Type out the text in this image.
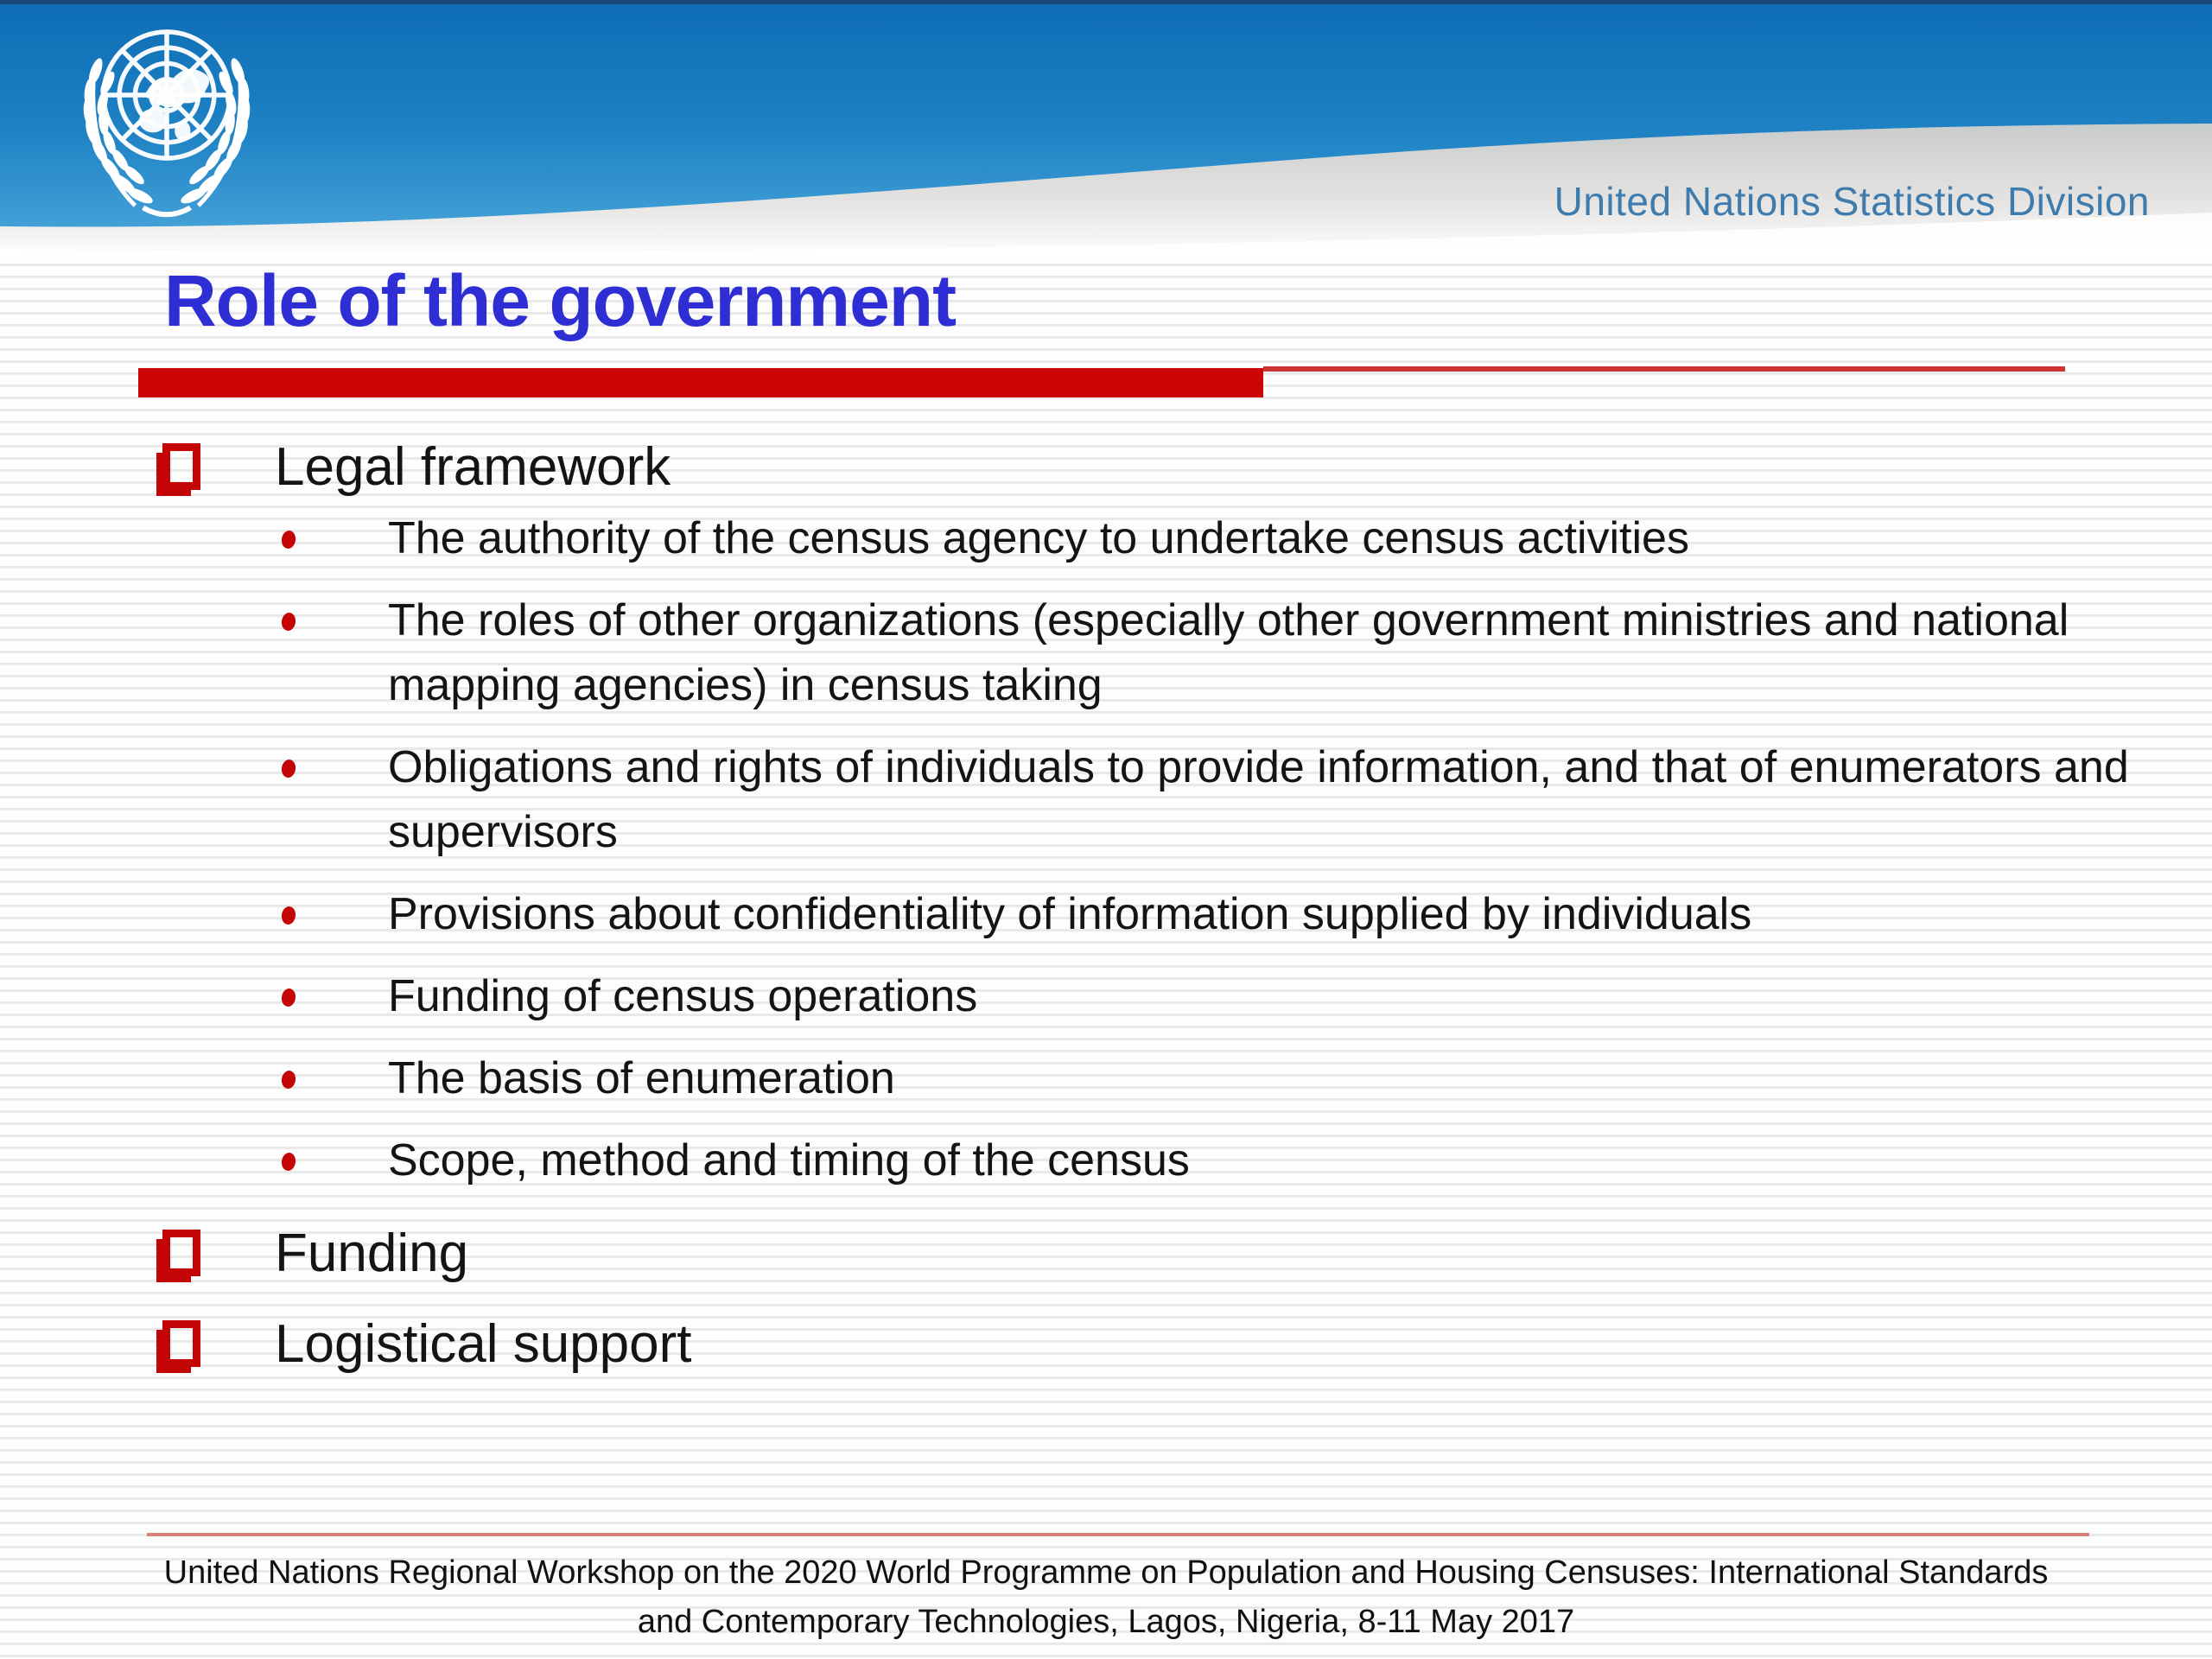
United Nations Statistics Division
Role of the government
Legal framework
The authority of the census agency to undertake census activities
The roles of other organizations (especially other government ministries and national mapping agencies) in census taking
Obligations and rights of individuals to provide information, and that of enumerators and supervisors
Provisions about confidentiality of information supplied by individuals
Funding of census operations
The basis of enumeration
Scope, method and timing of the census
Funding
Logistical support
United Nations Regional Workshop on the 2020 World Programme on Population and Housing Censuses: International Standards
and Contemporary Technologies, Lagos, Nigeria, 8-11 May 2017
